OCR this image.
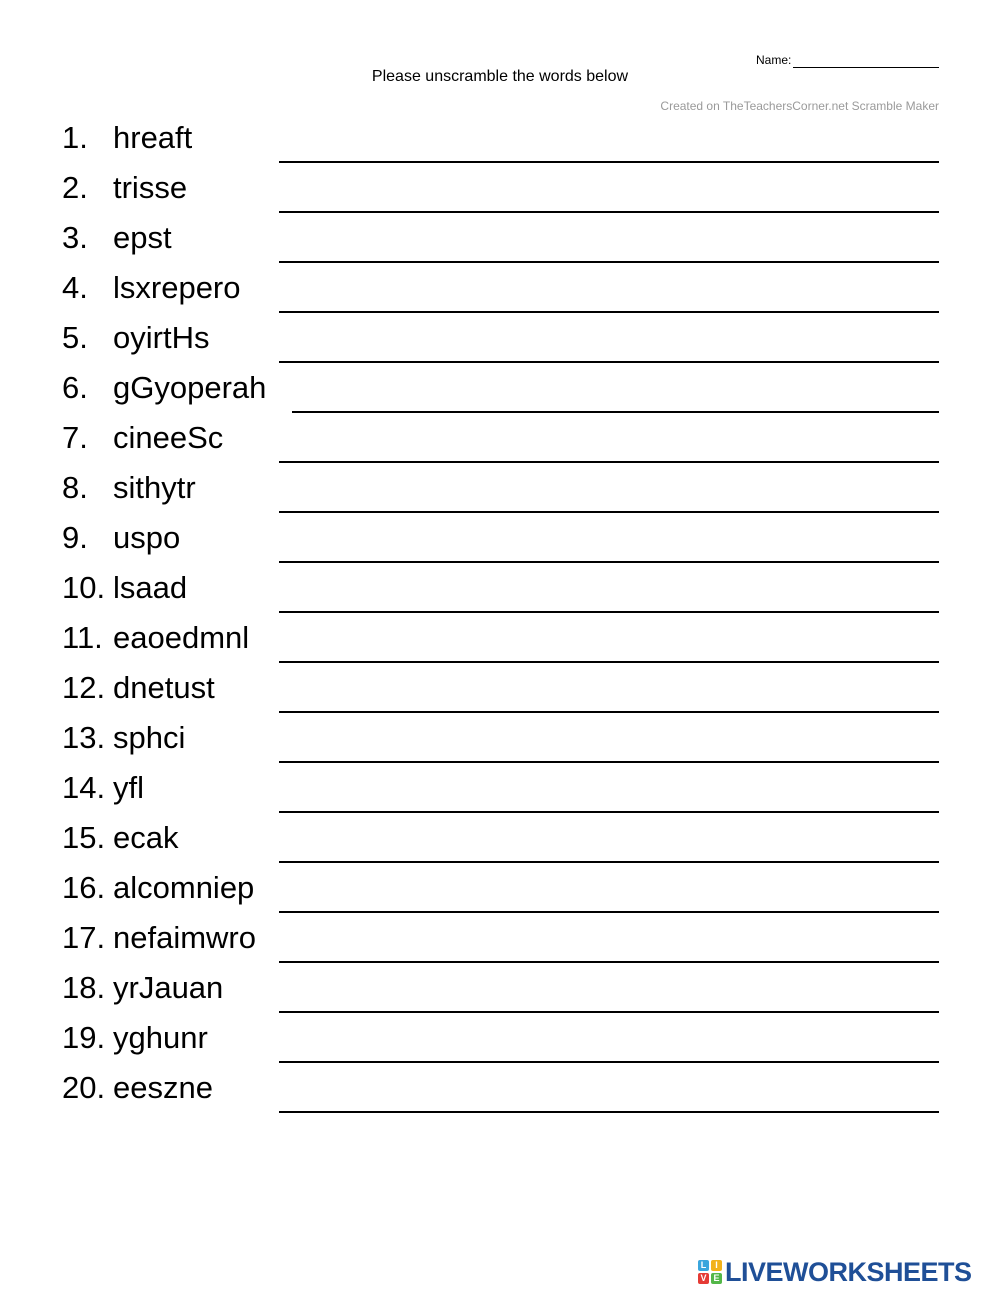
Name:
Please unscramble the words below
Created on TheTeachersCorner.net Scramble Maker
1. hreaft
2. trisse
3. epst
4. lsxrepero
5. oyirtHs
6. gGyoperah
7. cineeSc
8. sithytr
9. uspo
10. lsaad
11. eaoedmnl
12. dnetust
13. sphci
14. yfl
15. ecak
16. alcomniep
17. nefaimwro
18. yrJauan
19. yghunr
20. eeszne
L I
V E LIVEWORKSHEETS
